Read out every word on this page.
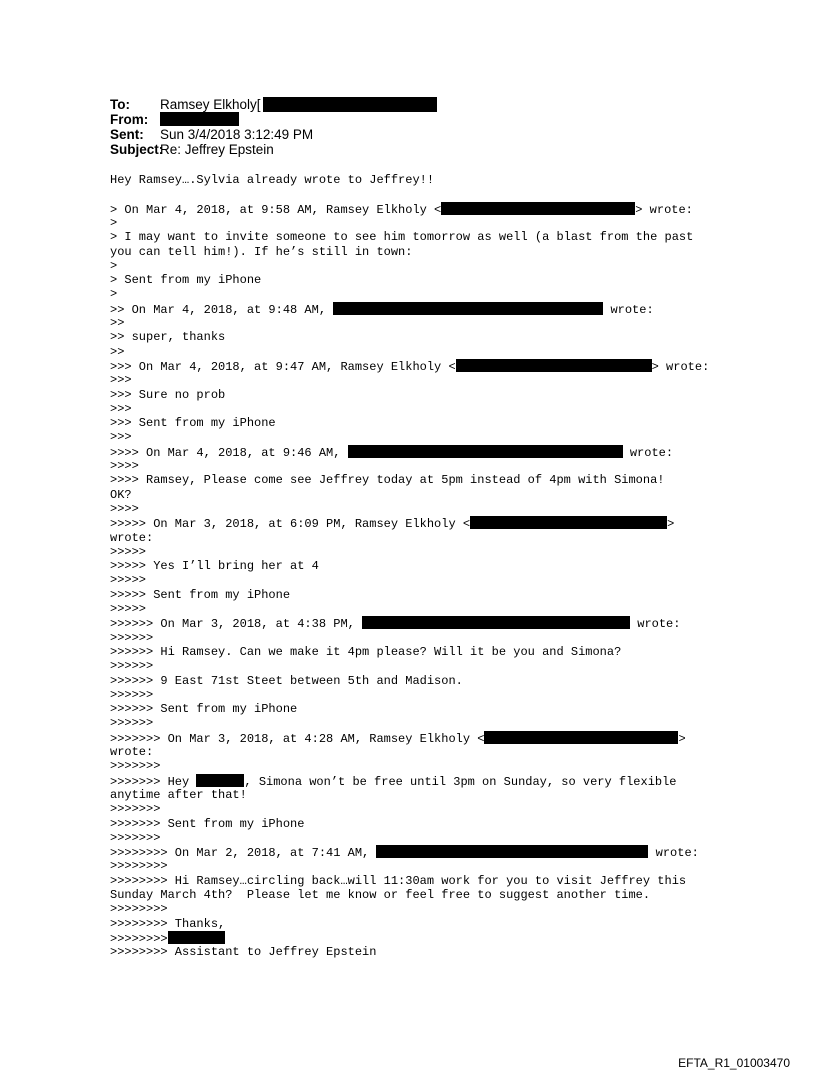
To: Ramsey Elkholy[
From:
Sent: Sun 3/4/2018 3:12:49 PM
Subject:
Re: Jeffrey Epstein
Hey Ramsey….Sylvia already wrote to Jeffrey!!
> On Mar 4, 2018, at 9:58 AM, Ramsey Elkholy <	> wrote:
>
> I may want to invite someone to see him tomorrow as well (a blast from the past
you can tell him!). If he’s still in town:
>
> Sent from my iPhone
>
>> On Mar 4, 2018, at 9:48 AM,	wrote:
>>
>> super, thanks
>>
>>> On Mar 4, 2018, at 9:47 AM, Ramsey Elkholy <	> wrote:
>>>
>>> Sure no prob
>>>
>>> Sent from my iPhone
>>>
>>>> On Mar 4, 2018, at 9:46 AM,	wrote:
>>>>
>>>> Ramsey, Please come see Jeffrey today at 5pm instead of 4pm with Simona!
OK?
>>>>
>>>>> On Mar 3, 2018, at 6:09 PM, Ramsey Elkholy <	>
wrote:
>>>>>
>>>>> Yes I’ll bring her at 4
>>>>>
>>>>> Sent from my iPhone
>>>>>
>>>>>> On Mar 3, 2018, at 4:38 PM,	wrote:
>>>>>>
>>>>>> Hi Ramsey. Can we make it 4pm please? Will it be you and Simona?
>>>>>>
>>>>>> 9 East 71st Steet between 5th and Madison.
>>>>>>
>>>>>> Sent from my iPhone
>>>>>>
>>>>>>> On Mar 3, 2018, at 4:28 AM, Ramsey Elkholy <	>
wrote:
>>>>>>>
>>>>>>> Hey	, Simona won’t be free until 3pm on Sunday, so very flexible
anytime after that!
>>>>>>>
>>>>>>> Sent from my iPhone
>>>>>>>
>>>>>>>> On Mar 2, 2018, at 7:41 AM,	wrote:
>>>>>>>>
>>>>>>>> Hi Ramsey…circling back…will 11:30am work for you to visit Jeffrey this
Sunday March 4th?  Please let me know or feel free to suggest another time.
>>>>>>>>
>>>>>>>> Thanks,
>>>>>>>>
>>>>>>>> Assistant to Jeffrey Epstein
EFTA_R1_01003470
